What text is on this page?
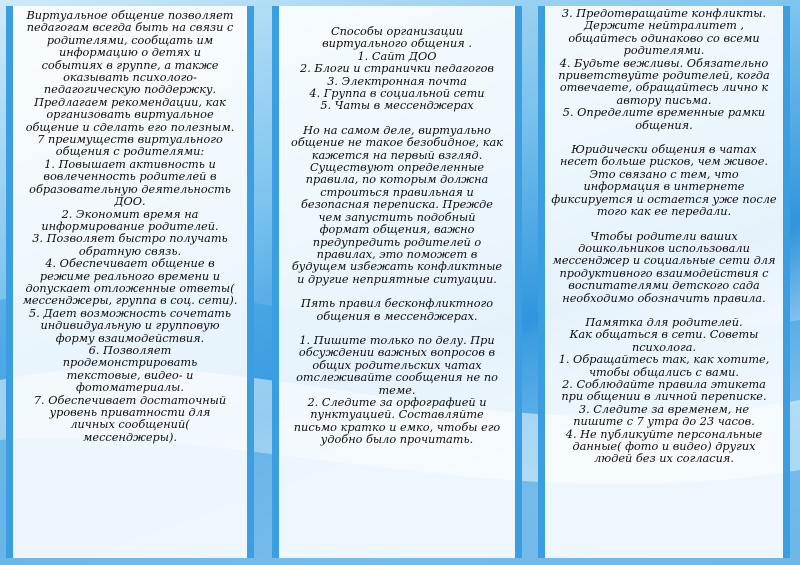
Виртуальное общение позволяет
педагогам всегда быть на связи с
родителями, сообщать им
информацию о детях и
событиях в группе, а также
оказывать психолого-
педагогическую поддержку.
Предлагаем рекомендации, как
организовать виртуальное
общение и сделать его полезным.
7 преимуществ виртуального
общения с родителями:
1. Повышает активность и
вовлеченность родителей в
образовательную деятельность
ДОО.
2. Экономит время на
информирование родителей.
3. Позволяет быстро получать
обратную связь.
4. Обеспечивает общение в
режиме реального времени и
допускает отложенные ответы(
мессенджеры, группа в соц. сети).
5. Дает возможность сочетать
индивидуальную и групповую
форму взаимодействия.
6. Позволяет
продемонстрировать
текстовые, видео- и
фотоматериалы.
7. Обеспечивает достаточный
уровень приватности для
личных сообщений(
мессенджеры).
Способы организации
виртуального общения .
1. Сайт ДОО
2. Блоги и странички педагогов
3. Электронная почта
4. Группа в социальной сети
5. Чаты в мессенджерах
Но на самом деле, виртуально
общение не такое безобидное, как
кажется на первый взгляд.
Существуют определенные
правила, по которым должна
строиться правильная и
безопасная переписка. Прежде
чем запустить подобный
формат общения, важно
предупредить родителей о
правилах, это поможет в
будущем избежать конфликтные
и другие неприятные ситуации.
Пять правил бесконфликтного
общения в мессенджерах.
1. Пишите только по делу. При
обсуждении важных вопросов в
общих родительских чатах
отслеживайте сообщения не по
теме.
2. Следите за орфографией и
пунктуацией. Составляйте
письмо кратко и емко, чтобы его
удобно было прочитать.
3. Предотвращайте конфликты.
Держите нейтралитет ,
общайтесь одинаково со всеми
родителями.
4. Будьте вежливы. Обязательно
приветствуйте родителей, когда
отвечаете, обращайтесь лично к
автору письма.
5. Определите временные рамки
общения.
Юридически общения в чатах
несет больше рисков, чем живое.
Это связано с тем, что
информация в интернете
фиксируется и остается уже после
того как ее передали.
Чтобы родители ваших
дошкольников использовали
мессенджер и социальные сети для
продуктивного взаимодействия с
воспитателями детского сада
необходимо обозначить правила.
Памятка для родителей.
Как общаться в сети. Советы
психолога.
1. Обращайтесь так, как хотите,
чтобы общались с вами.
2. Соблюдайте правила этикета
при общении в личной переписке.
3. Следите за временем, не
пишите с 7 утра до 23 часов.
4. Не публикуйте персональные
данные( фото и видео) других
людей без их согласия.
